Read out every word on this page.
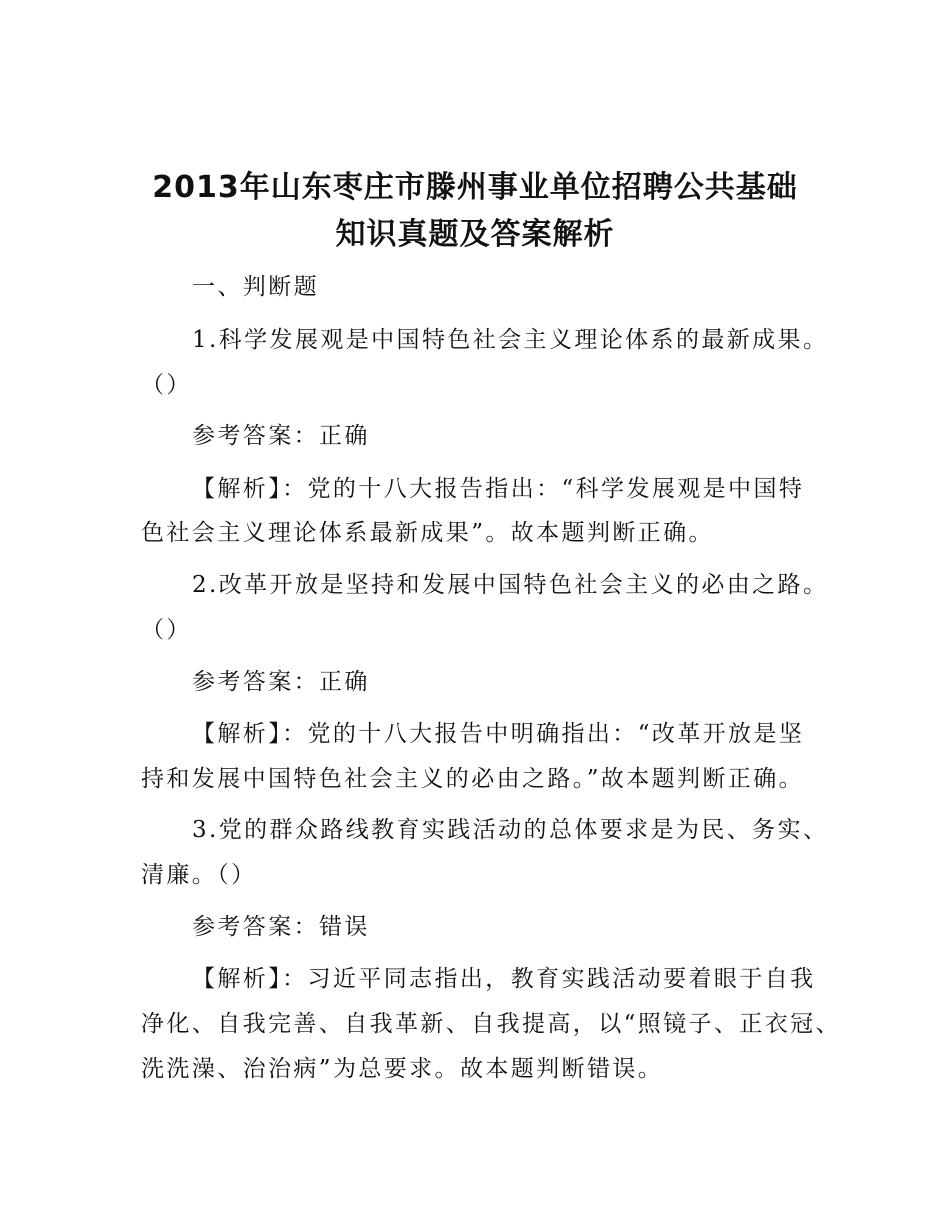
2013年山东枣庄市滕州事业单位招聘公共基础
知识真题及答案解析
一、判断题
1.科学发展观是中国特色社会主义理论体系的最新成果。
（）
参考答案：正确
【解析】：党的十八大报告指出：“科学发展观是中国特
色社会主义理论体系最新成果”。故本题判断正确。
2.改革开放是坚持和发展中国特色社会主义的必由之路。
（）
参考答案：正确
【解析】：党的十八大报告中明确指出：“改革开放是坚
持和发展中国特色社会主义的必由之路。”故本题判断正确。
3.党的群众路线教育实践活动的总体要求是为民、务实、
清廉。（）
参考答案：错误
【解析】：习近平同志指出，教育实践活动要着眼于自我
净化、自我完善、自我革新、自我提高，以“照镜子、正衣冠、
洗洗澡、治治病”为总要求。故本题判断错误。
